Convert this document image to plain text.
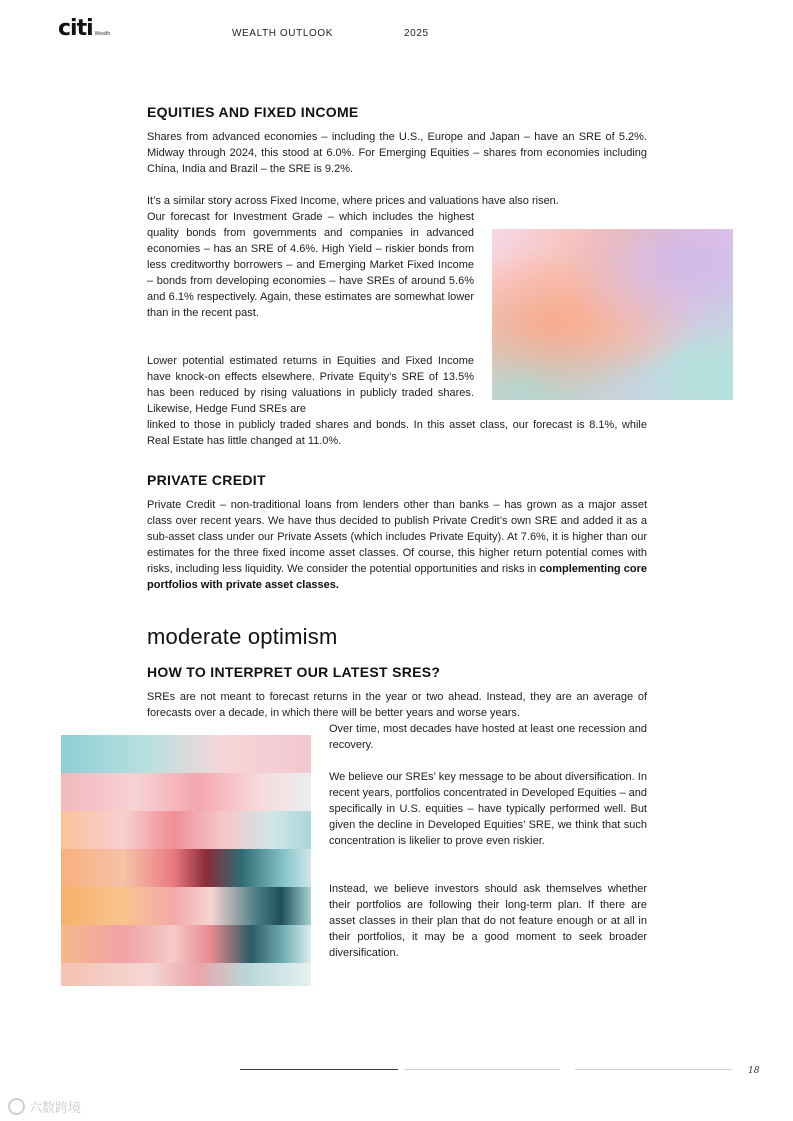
citi Wealth	WEALTH OUTLOOK	2025
EQUITIES AND FIXED INCOME

Shares from advanced economies – including the U.S., Europe and Japan – have an SRE of 5.2%. Midway through 2024, this stood at 6.0%. For Emerging Equities – shares from economies including China, India and Brazil – the SRE is 9.2%.

It’s a similar story across Fixed Income, where prices and valuations have also risen.

Our forecast for Investment Grade – which includes the highest quality bonds from governments and companies in advanced economies – has an SRE of 4.6%. High Yield – riskier bonds from less creditworthy borrowers – and Emerging Market Fixed Income – bonds from developing economies – have SREs of around 5.6% and 6.1% respectively. Again, these estimates are somewhat lower than in the recent past.

Lower potential estimated returns in Equities and Fixed Income have knock-on effects elsewhere. Private Equity’s SRE of 13.5% has been reduced by rising valuations in publicly traded shares. Likewise, Hedge Fund SREs are

linked to those in publicly traded shares and bonds. In this asset class, our forecast is 8.1%, while Real Estate has little changed at 11.0%.

PRIVATE CREDIT

Private Credit – non-traditional loans from lenders other than banks – has grown as a major asset class over recent years. We have thus decided to publish Private Credit’s own SRE and added it as a sub-asset class under our Private Assets (which includes Private Equity). At 7.6%, it is higher than our estimates for the three fixed income asset classes. Of course, this higher return potential comes with risks, including less liquidity. We consider the potential opportunities and risks in complementing core portfolios with private asset classes.

moderate optimism
HOW TO INTERPRET OUR LATEST SRES?

SREs are not meant to forecast returns in the year or two ahead. Instead, they are an average of forecasts over a decade, in which there will be better years and worse years.

Over time, most decades have hosted at least one recession and recovery.

We believe our SREs’ key message to be about diversification. In recent years, portfolios concentrated in Developed Equities – and specifically in U.S. equities – have typically performed well. But given the decline in Developed Equities’ SRE, we think that such concentration is likelier to prove even riskier.

Instead, we believe investors should ask themselves whether their portfolios are following their long-term plan. If there are asset classes in their plan that do not feature enough or at all in their portfolios, it may be a good moment to seek broader diversification.

18
六数跨境
